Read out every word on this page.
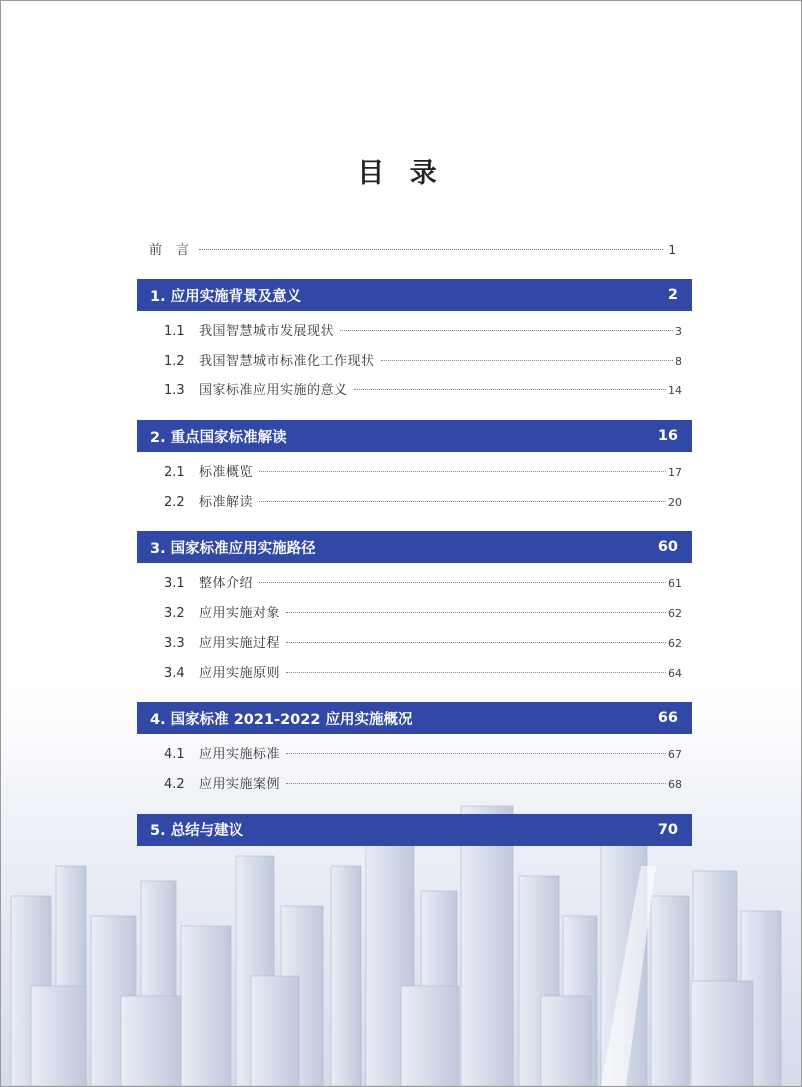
目 录
前 言	1
1. 应用实施背景及意义	2
1.1	我国智慧城市发展现状	3
1.2	我国智慧城市标准化工作现状	8
1.3	国家标准应用实施的意义	14
2. 重点国家标准解读	16
2.1	标准概览	17
2.2	标准解读	20
3. 国家标准应用实施路径	60
3.1	整体介绍	61
3.2	应用实施对象	62
3.3	应用实施过程	62
3.4	应用实施原则	64
4. 国家标准 2021-2022 应用实施概况	66
4.1	应用实施标准	67
4.2	应用实施案例	68
5. 总结与建议	70
